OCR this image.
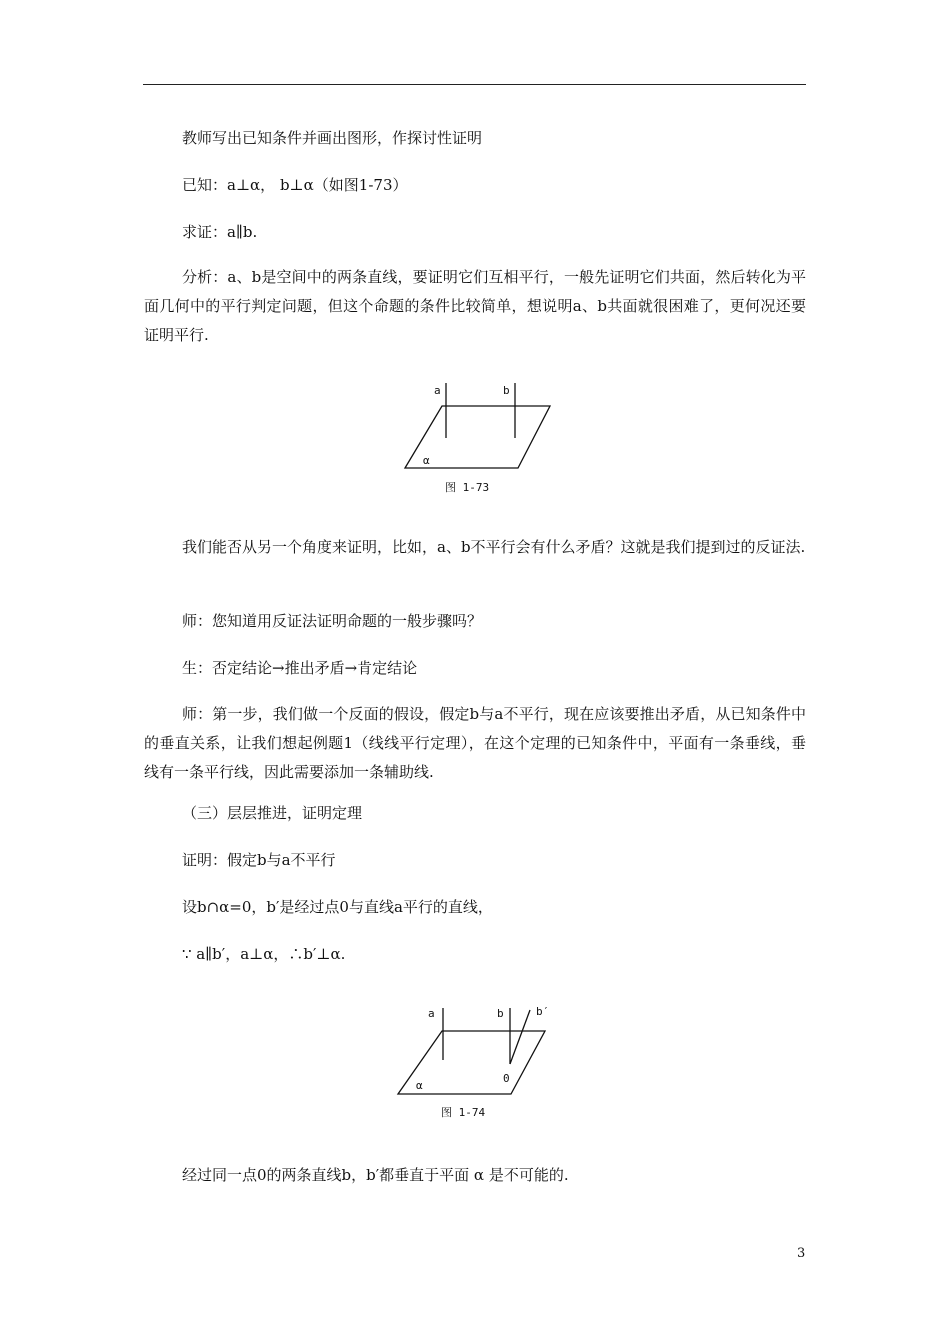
教师写出已知条件并画出图形，作探讨性证明
已知：a⊥α， b⊥α（如图1-73）
求证：a∥b.
分析：a、b是空间中的两条直线，要证明它们互相平行，一般先证明它们共面，然后转化为平面几何中的平行判定问题，但这个命题的条件比较简单，想说明a、b共面就很困难了，更何况还要证明平行.
a	b
α
图 1-73
我们能否从另一个角度来证明，比如，a、b不平行会有什么矛盾？这就是我们提到过的反证法.
师：您知道用反证法证明命题的一般步骤吗？
生：否定结论→推出矛盾→肯定结论
师：第一步，我们做一个反面的假设，假定b与a不平行，现在应该要推出矛盾，从已知条件中的垂直关系，让我们想起例题1（线线平行定理），在这个定理的已知条件中，平面有一条垂线，垂线有一条平行线，因此需要添加一条辅助线.
（三）层层推进，证明定理
证明：假定b与a不平行
设b∩α=0，b′是经过点0与直线a平行的直线，
∵ a∥b′，a⊥α，∴b′⊥α.
a	b	b′
α
0
图 1-74
经过同一点0的两条直线b，b′都垂直于平面 α 是不可能的.
3
